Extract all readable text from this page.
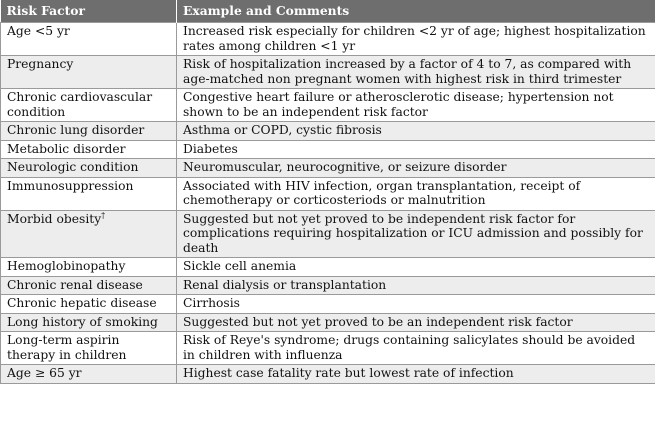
Risk Factor	Example and Comments
Age <5 yr	Increased risk especially for children <2 yr of age; highest hospitalization rates among children <1 yr
Pregnancy	Risk of hospitalization increased by a factor of 4 to 7, as compared with age-matched non pregnant women with highest risk in third trimester
Chronic cardiovascular condition	Congestive heart failure or atherosclerotic disease; hypertension not shown to be an independent risk factor
Chronic lung disorder	Asthma or COPD, cystic fibrosis
Metabolic disorder	Diabetes
Neurologic condition	Neuromuscular, neurocognitive, or seizure disorder
Immunosuppression	Associated with HIV infection, organ transplantation, receipt of chemotherapy or corticosteriods or malnutrition
Morbid obesity†	Suggested but not yet proved to be independent risk factor for complications requiring hospitalization or ICU admission and possibly for death
Hemoglobinopathy	Sickle cell anemia
Chronic renal disease	Renal dialysis or transplantation
Chronic hepatic disease	Cirrhosis
Long history of smoking	Suggested but not yet proved to be an independent risk factor
Long-term aspirin therapy in children	Risk of Reye's syndrome; drugs containing salicylates should be avoided in children with influenza
Age ≥ 65 yr	Highest case fatality rate but lowest rate of infection
